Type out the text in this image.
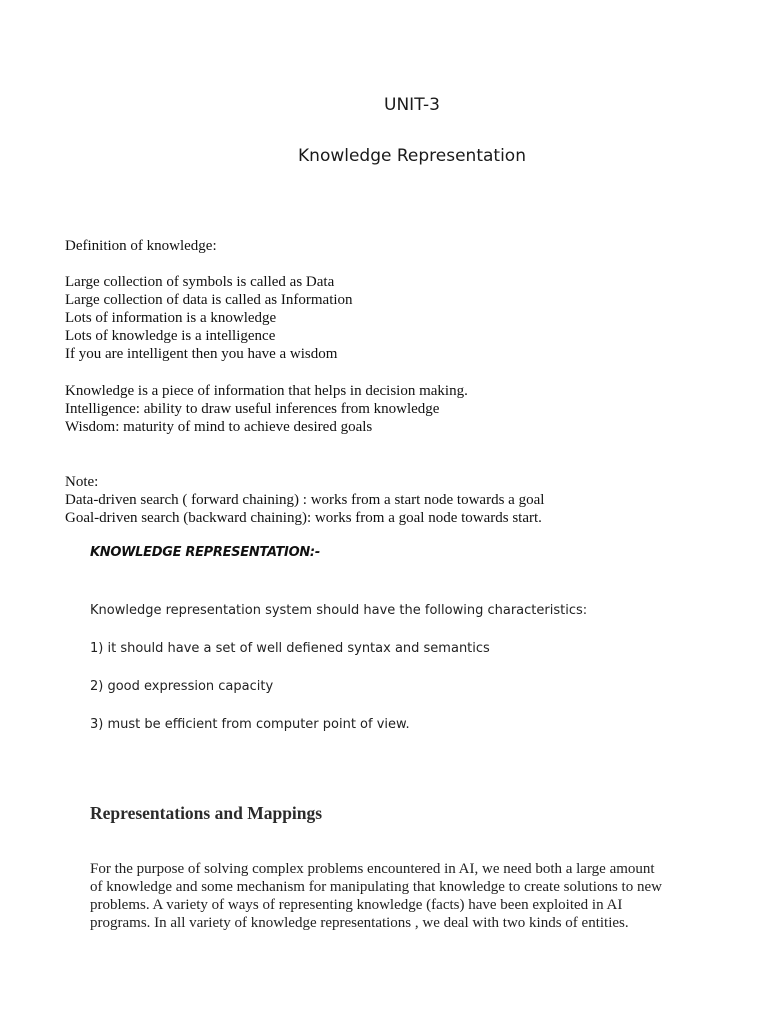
UNIT-3
Knowledge Representation

Definition of knowledge:

Large collection of symbols is called as Data

Large collection of data is called as Information

Lots of information is a knowledge

Lots of knowledge is a intelligence

If you are intelligent then you have a wisdom

Knowledge is a piece of information that helps in decision making.

Intelligence: ability to draw useful inferences from knowledge

Wisdom: maturity of mind to achieve desired goals

Note:

Data-driven search ( forward chaining) : works from a start node towards a goal

Goal-driven search (backward chaining): works from a goal node towards start.

KNOWLEDGE REPRESENTATION:-
Knowledge representation system should have the following characteristics:
1) it should have a set of well defiened syntax and semantics
2) good expression capacity
3) must be efficient from computer point of view.
Representations and Mappings
For the purpose of solving complex problems encountered in AI, we need both a large amount
of knowledge and some mechanism for manipulating that knowledge to create solutions to new
problems. A variety of ways of representing knowledge (facts) have been exploited in AI
programs. In all variety of knowledge representations , we deal with two kinds of entities.
